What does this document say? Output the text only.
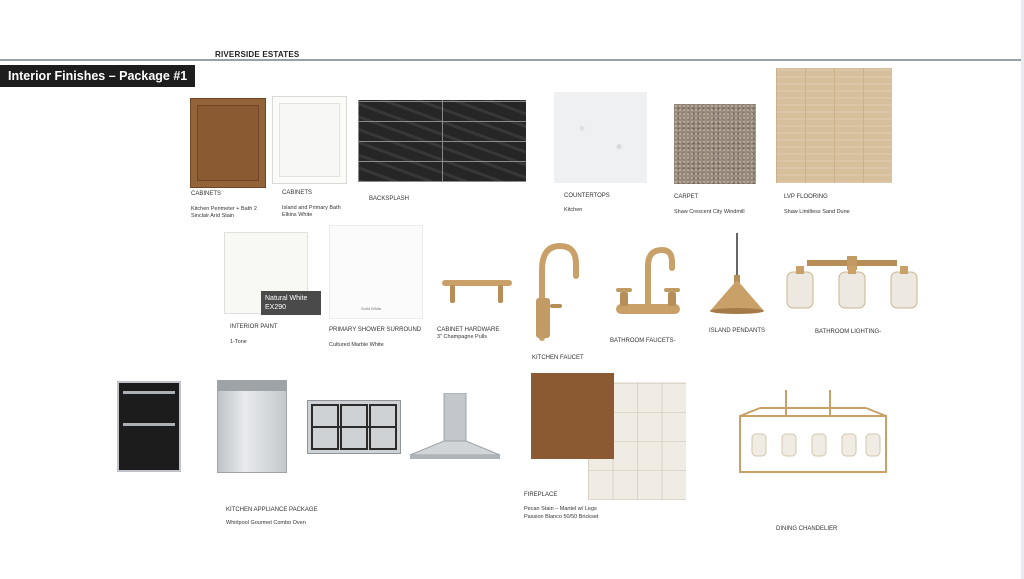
RIVERSIDE ESTATES
Interior Finishes – Package #1
CABINETS
Kitchen Perimeter + Bath 2
Sinclair Arid Stain
CABINETS
Island and Primary Bath
Elkins White
BACKSPLASH	COUNTERTOPS
Kitchen
CARPET
Shaw Crescent City Windmill
LVP FLOORING
Shaw Limitless Sand Dune
Natural White
EX290
INTERIOR PAINT
1-Tone
Solid White
PRIMARY SHOWER SURROUND
Cultured Marble White
CABINET HARDWARE
3" Champagne Pulls
KITCHEN FAUCET
BATHROOM FAUCETS-
ISLAND PENDANTS	BATHROOM LIGHTING-
KITCHEN APPLIANCE PACKAGE
Whirlpool Gourmet Combo Oven
FIREPLACE
Pecan Stain – Mantel w/ Legs
Passion Blanco 50/50 Brickset
DINING CHANDELIER
